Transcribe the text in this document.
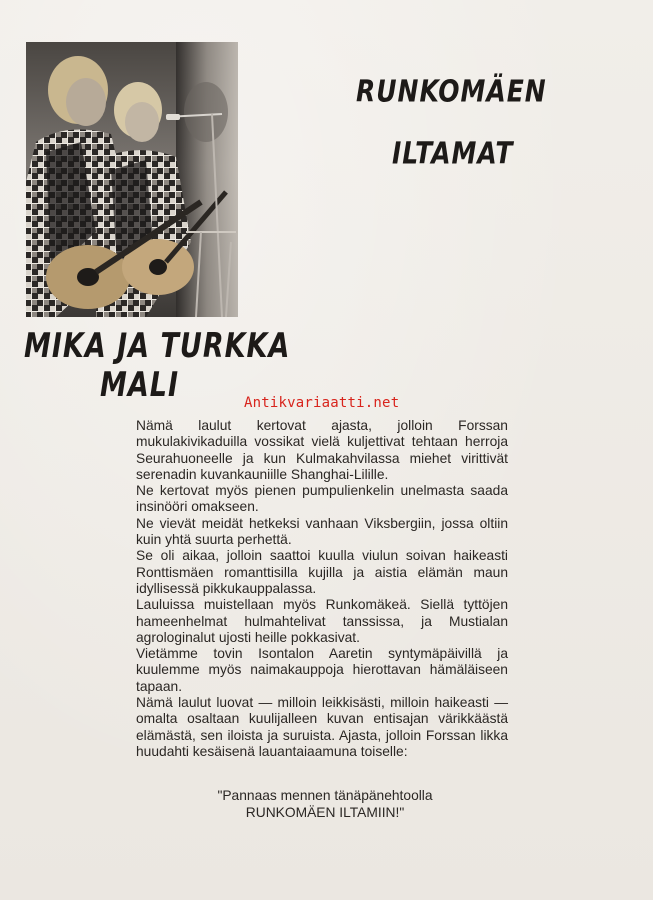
RUNKOMÄEN
ILTAMAT
MIKA JA TURKKA
MALI	Antikvariaatti.net

Nämä laulut kertovat ajasta, jolloin Forssan mukulakivikaduilla vossikat vielä kuljettivat tehtaan herroja Seurahuoneelle ja kun Kulmakahvilassa miehet virittivät serenadin kuvankauniille Shanghai-Lilille.

Ne kertovat myös pienen pumpulienkelin unelmasta saada insinööri omakseen.

Ne vievät meidät hetkeksi vanhaan Viksbergiin, jossa oltiin kuin yhtä suurta perhettä.

Se oli aikaa, jolloin saattoi kuulla viulun soivan haikeasti Ronttismäen romanttisilla kujilla ja aistia elämän maun idyllisessä pikkukauppalassa.

Lauluissa muistellaan myös Runkomäkeä. Siellä tyttöjen hameenhelmat hulmahtelivat tanssissa, ja Mustialan agrologinalut ujosti heille pokkasivat.

Vietämme tovin Isontalon Aaretin syntymäpäivillä ja kuulemme myös naimakauppoja hierottavan hämäläiseen tapaan.

Nämä laulut luovat — milloin leikkisästi, milloin haikeasti — omalta osaltaan kuulijalleen kuvan entisajan värikkäästä elämästä, sen iloista ja suruista. Ajasta, jolloin Forssan likka huudahti kesäisenä lauantaiaamuna toiselle:

"Pannaas mennen tänäpänehtoolla
RUNKOMÄEN ILTAMIIN!"
